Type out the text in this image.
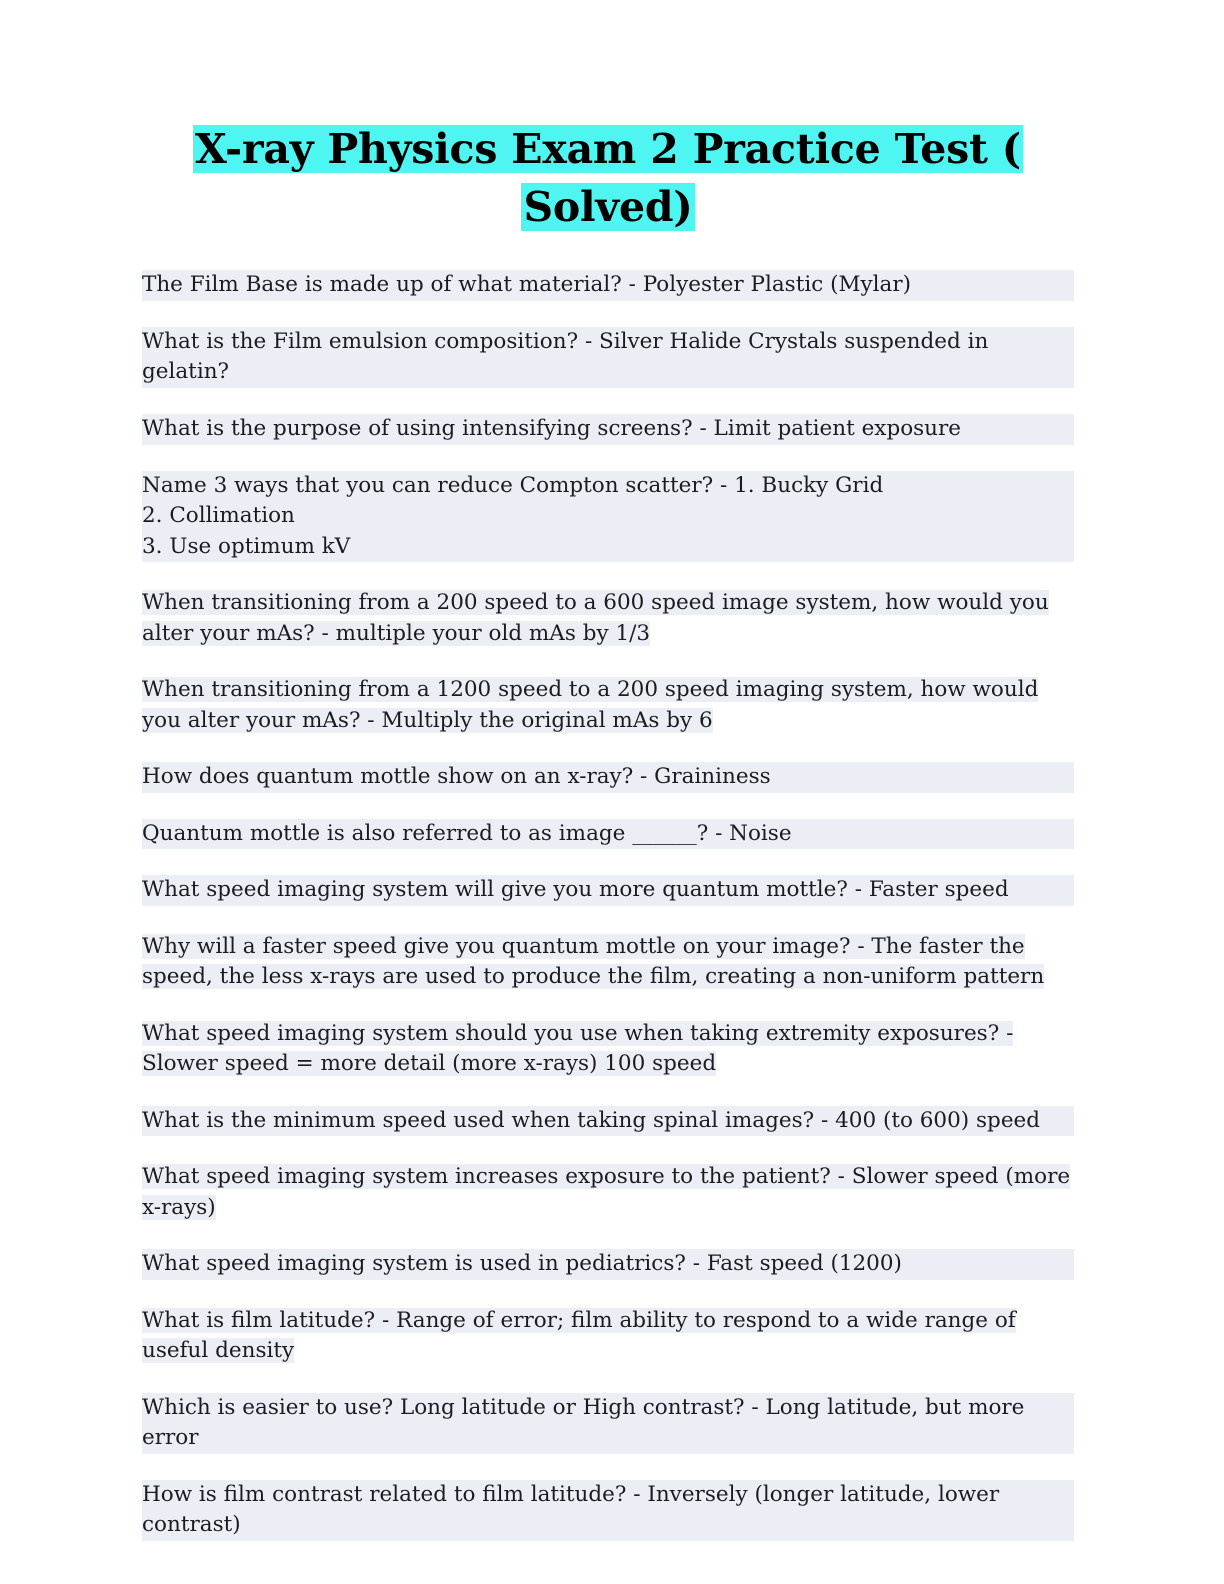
X-ray Physics Exam 2 Practice Test ( Solved)

The Film Base is made up of what material? - Polyester Plastic (Mylar)

What is the Film emulsion composition? - Silver Halide Crystals suspended in gelatin?

What is the purpose of using intensifying screens? - Limit patient exposure

Name 3 ways that you can reduce Compton scatter? - 1. Bucky Grid
2. Collimation
3. Use optimum kV

When transitioning from a 200 speed to a 600 speed image system, how would you alter your mAs? - multiple your old mAs by 1/3

When transitioning from a 1200 speed to a 200 speed imaging system, how would you alter your mAs? - Multiply the original mAs by 6

How does quantum mottle show on an x-ray? - Graininess

Quantum mottle is also referred to as image ______? - Noise

What speed imaging system will give you more quantum mottle? - Faster speed

Why will a faster speed give you quantum mottle on your image? - The faster the speed, the less x-rays are used to produce the film, creating a non-uniform pattern

What speed imaging system should you use when taking extremity exposures? - Slower speed = more detail (more x-rays) 100 speed

What is the minimum speed used when taking spinal images? - 400 (to 600) speed

What speed imaging system increases exposure to the patient? - Slower speed (more x-rays)

What speed imaging system is used in pediatrics? - Fast speed (1200)

What is film latitude? - Range of error; film ability to respond to a wide range of useful density

Which is easier to use? Long latitude or High contrast? - Long latitude, but more error

How is film contrast related to film latitude? - Inversely (longer latitude, lower contrast)
